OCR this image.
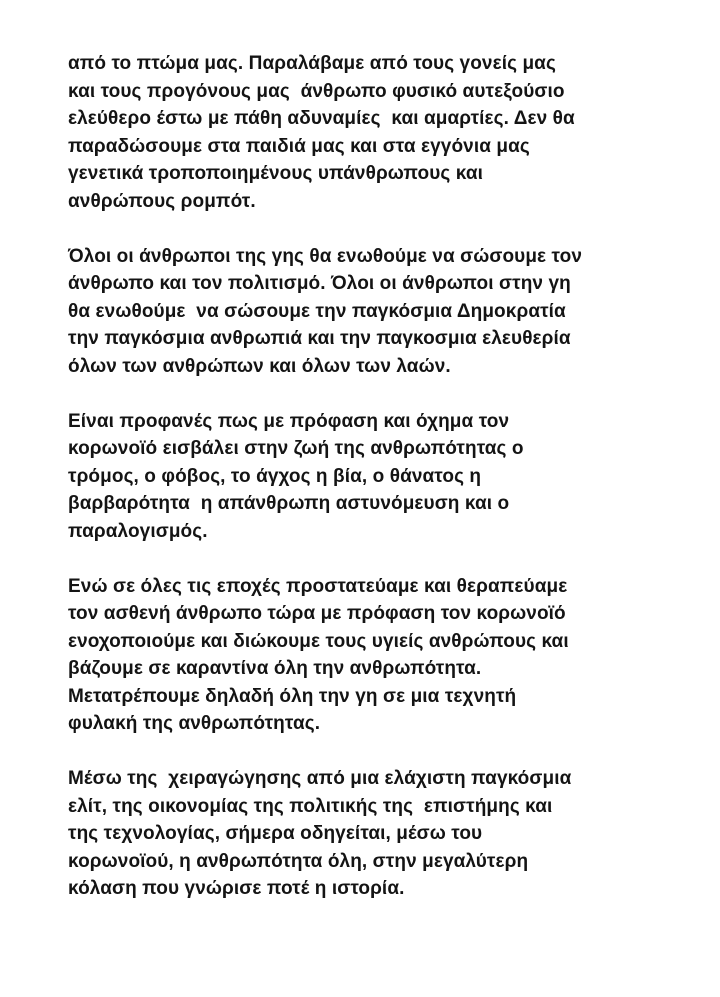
από το πτώμα μας. Παραλάβαμε από τους γονείς μας
και τους προγόνους μας  άνθρωπο φυσικό αυτεξούσιο
ελεύθερο έστω με πάθη αδυναμίες  και αμαρτίες. Δεν θα
παραδώσουμε στα παιδιά μας και στα εγγόνια μας
γενετικά τροποποιημένους υπάνθρωπους και
ανθρώπους ρομπότ.

Όλοι οι άνθρωποι της γης θα ενωθούμε να σώσουμε τον
άνθρωπο και τον πολιτισμό. Όλοι οι άνθρωποι στην γη
θα ενωθούμε  να σώσουμε την παγκόσμια Δημοκρατία
την παγκόσμια ανθρωπιά και την παγκοσμια ελευθερία
όλων των ανθρώπων και όλων των λαών.

Είναι προφανές πως με πρόφαση και όχημα τον
κορωνοϊό εισβάλει στην ζωή της ανθρωπότητας ο
τρόμος, ο φόβος, το άγχος η βία, ο θάνατος η
βαρβαρότητα  η απάνθρωπη αστυνόμευση και ο
παραλογισμός.

Ενώ σε όλες τις εποχές προστατεύαμε και θεραπεύαμε
τον ασθενή άνθρωπο τώρα με πρόφαση τον κορωνοϊό
ενοχοποιούμε και διώκουμε τους υγιείς ανθρώπους και
βάζουμε σε καραντίνα όλη την ανθρωπότητα.
Μετατρέπουμε δηλαδή όλη την γη σε μια τεχνητή
φυλακή της ανθρωπότητας.

Μέσω της  χειραγώγησης από μια ελάχιστη παγκόσμια
ελίτ, της οικονομίας της πολιτικής της  επιστήμης και
της τεχνολογίας, σήμερα οδηγείται, μέσω του
κορωνοϊού, η ανθρωπότητα όλη, στην μεγαλύτερη
κόλαση που γνώρισε ποτέ η ιστορία.
